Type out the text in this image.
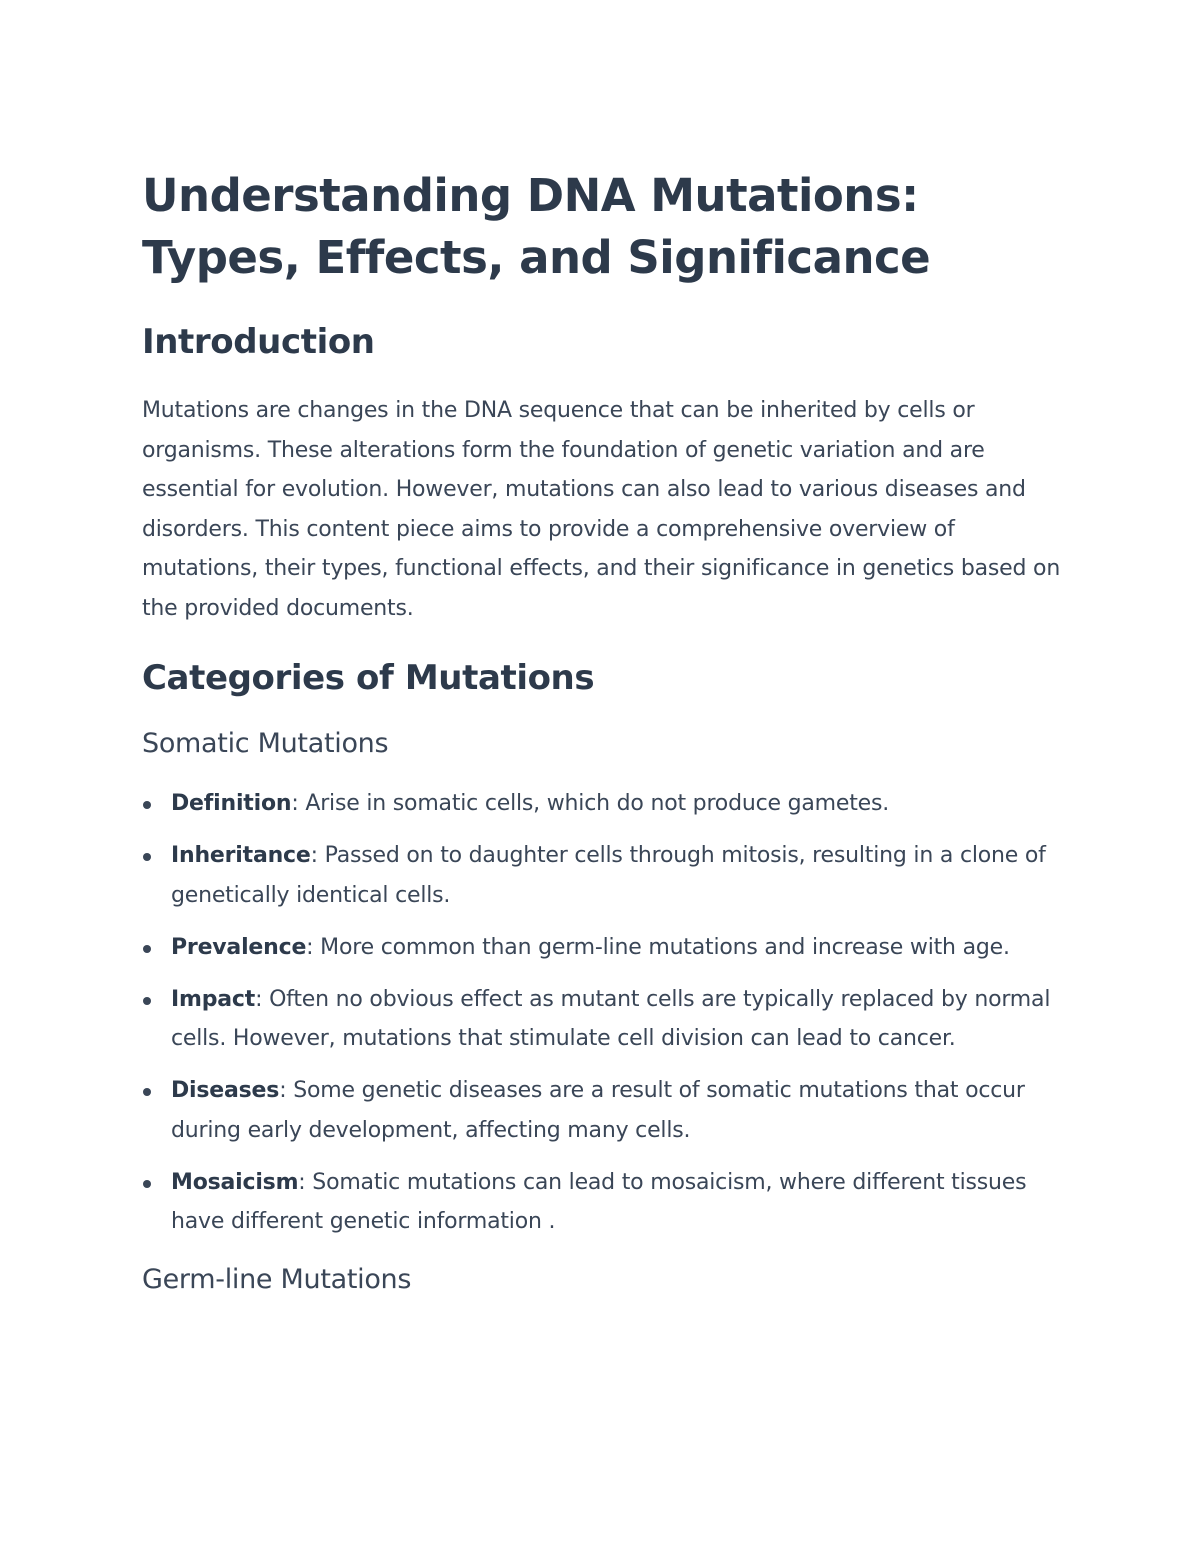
Understanding DNA Mutations: Types, Effects, and Significance
Introduction

Mutations are changes in the DNA sequence that can be inherited by cells or organisms. These alterations form the foundation of genetic variation and are essential for evolution. However, mutations can also lead to various diseases and disorders. This content piece aims to provide a comprehensive overview of mutations, their types, functional effects, and their significance in genetics based on the provided documents.

Categories of Mutations
Somatic Mutations
Definition: Arise in somatic cells, which do not produce gametes.
Inheritance: Passed on to daughter cells through mitosis, resulting in a clone of genetically identical cells.
Prevalence: More common than germ-line mutations and increase with age.
Impact: Often no obvious effect as mutant cells are typically replaced by normal cells. However, mutations that stimulate cell division can lead to cancer.
Diseases: Some genetic diseases are a result of somatic mutations that occur during early development, affecting many cells.
Mosaicism: Somatic mutations can lead to mosaicism, where different tissues have different genetic information .
Germ-line Mutations
